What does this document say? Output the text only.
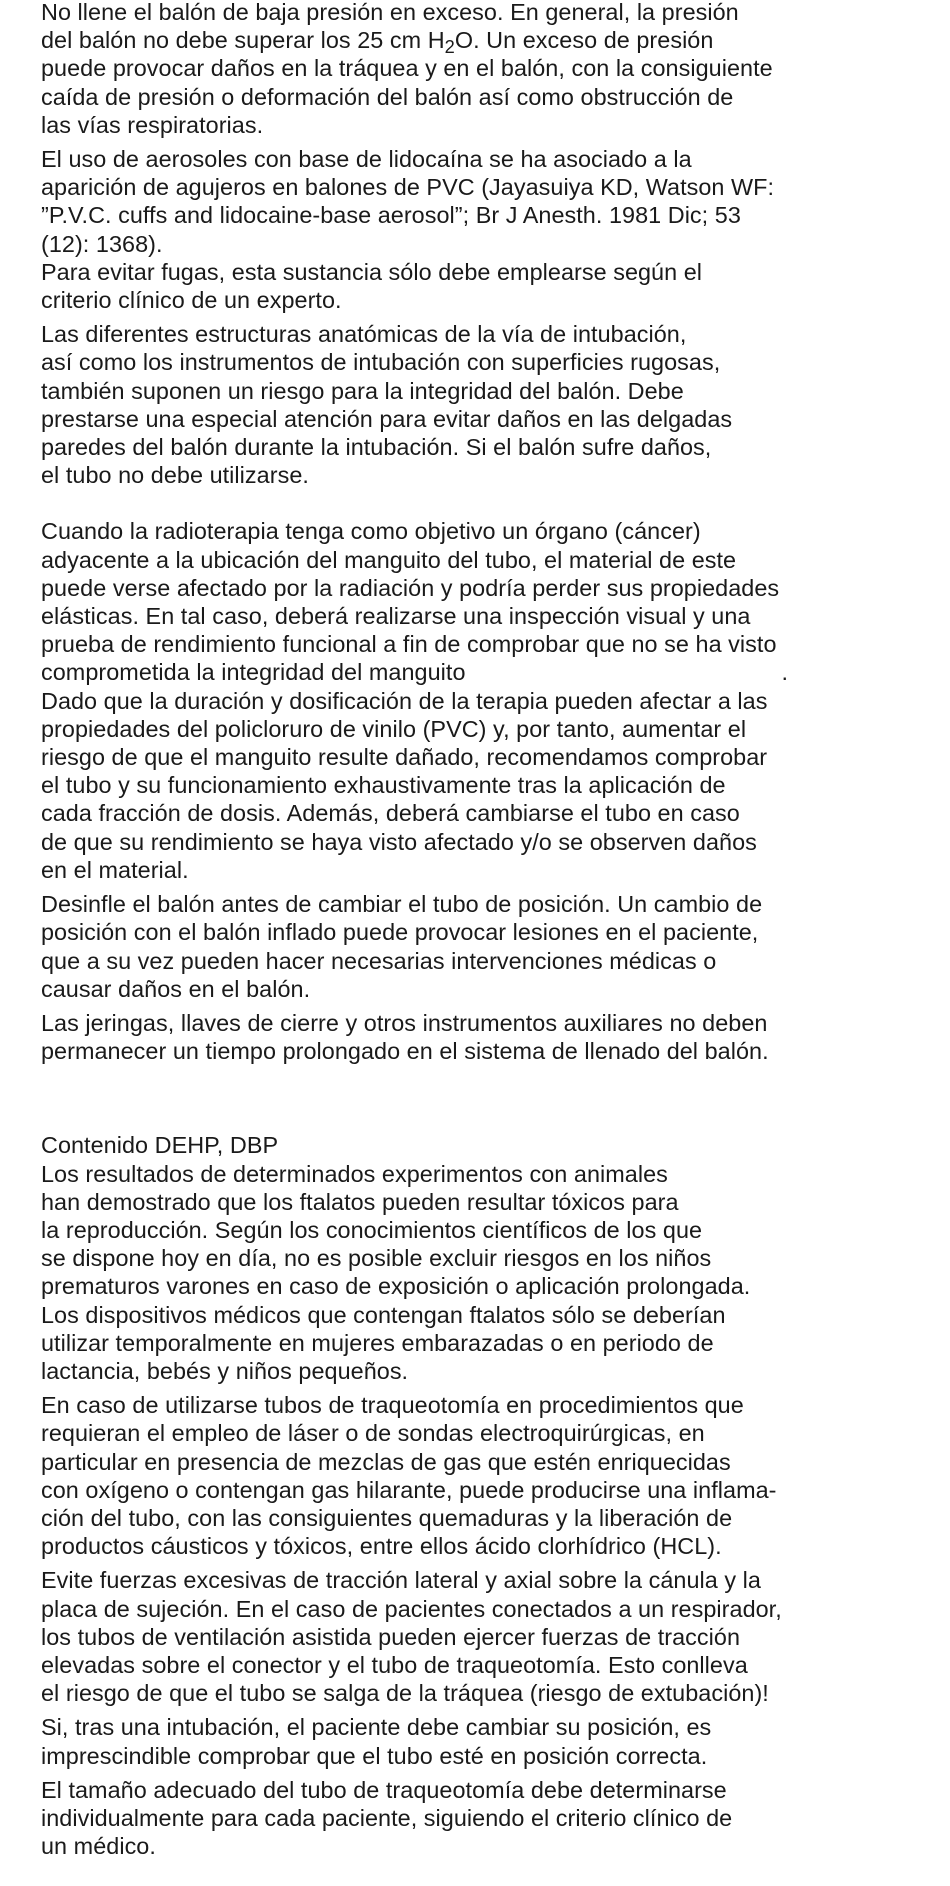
No llene el balón de baja presión en exceso. En general, la presión
del balón no debe superar los 25 cm $H_2O$. Un exceso de presión
puede provocar daños en la tráquea y en el balón, con la consiguiente
caída de presión o deformación del balón así como obstrucción de
las vías respiratorias.

El uso de aerosoles con base de lidocaína se ha asociado a la
aparición de agujeros en balones de PVC (Jayasuiya KD, Watson WF:
”P.V.C. cuffs and lidocaine-base aerosol”; Br J Anesth. 1981 Dic; 53
(12): 1368).

Para evitar fugas, esta sustancia sólo debe emplearse según el
criterio clínico de un experto.

Las diferentes estructuras anatómicas de la vía de intubación,
así como los instrumentos de intubación con superficies rugosas,
también suponen un riesgo para la integridad del balón. Debe
prestarse una especial atención para evitar daños en las delgadas
paredes del balón durante la intubación. Si el balón sufre daños,
el tubo no debe utilizarse.

Cuando la radioterapia tenga como objetivo un órgano (cáncer)
adyacente a la ubicación del manguito del tubo, el material de este
puede verse afectado por la radiación y podría perder sus propiedades
elásticas. En tal caso, deberá realizarse una inspección visual y una
prueba de rendimiento funcional a fin de comprobar que no se ha visto
comprometida la integridad del manguito	.

Dado que la duración y dosificación de la terapia pueden afectar a las
propiedades del policloruro de vinilo (PVC) y, por tanto, aumentar el
riesgo de que el manguito resulte dañado, recomendamos comprobar
el tubo y su funcionamiento exhaustivamente tras la aplicación de
cada fracción de dosis. Además, deberá cambiarse el tubo en caso
de que su rendimiento se haya visto afectado y/o se observen daños
en el material.

Desinfle el balón antes de cambiar el tubo de posición. Un cambio de
posición con el balón inflado puede provocar lesiones en el paciente,
que a su vez pueden hacer necesarias intervenciones médicas o
causar daños en el balón.

Las jeringas, llaves de cierre y otros instrumentos auxiliares no deben
permanecer un tiempo prolongado en el sistema de llenado del balón.

Contenido DEHP, DBP

Los resultados de determinados experimentos con animales
han demostrado que los ftalatos pueden resultar tóxicos para
la reproducción. Según los conocimientos científicos de los que
se dispone hoy en día, no es posible excluir riesgos en los niños
prematuros varones en caso de exposición o aplicación prolongada.
Los dispositivos médicos que contengan ftalatos sólo se deberían
utilizar temporalmente en mujeres embarazadas o en periodo de
lactancia, bebés y niños pequeños.

En caso de utilizarse tubos de traqueotomía en procedimientos que
requieran el empleo de láser o de sondas electroquirúrgicas, en
particular en presencia de mezclas de gas que estén enriquecidas
con oxígeno o contengan gas hilarante, puede producirse una inflama-
ción del tubo, con las consiguientes quemaduras y la liberación de
productos cáusticos y tóxicos, entre ellos ácido clorhídrico (HCL).

Evite fuerzas excesivas de tracción lateral y axial sobre la cánula y la
placa de sujeción. En el caso de pacientes conectados a un respirador,
los tubos de ventilación asistida pueden ejercer fuerzas de tracción
elevadas sobre el conector y el tubo de traqueotomía. Esto conlleva
el riesgo de que el tubo se salga de la tráquea (riesgo de extubación)!

Si, tras una intubación, el paciente debe cambiar su posición, es
imprescindible comprobar que el tubo esté en posición correcta.

El tamaño adecuado del tubo de traqueotomía debe determinarse
individualmente para cada paciente, siguiendo el criterio clínico de
un médico.
